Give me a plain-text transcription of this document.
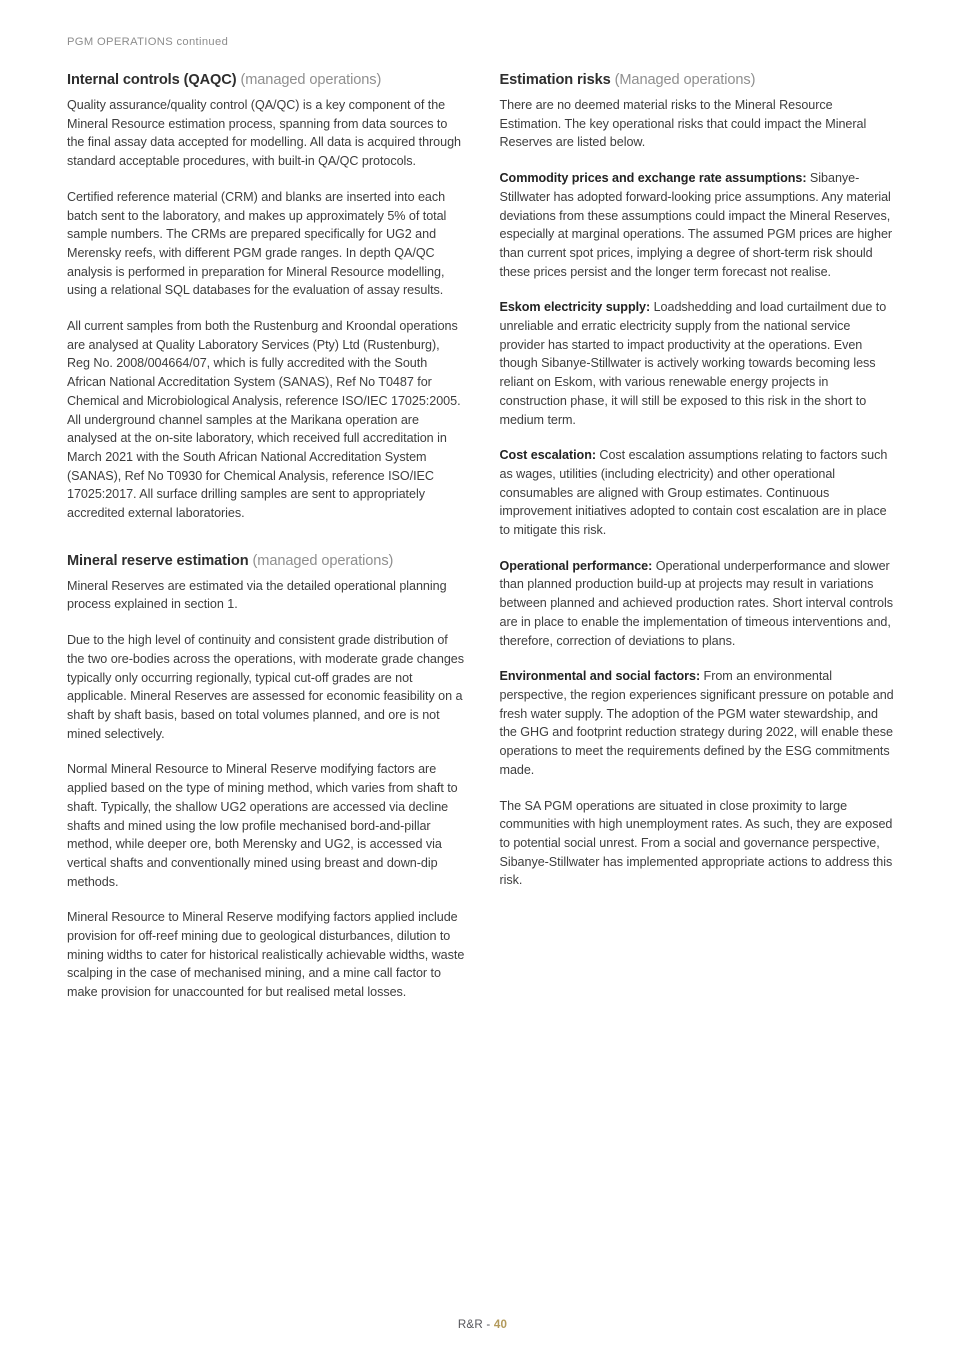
PGM OPERATIONS continued
Internal controls (QAQC) (managed operations)

Quality assurance/quality control (QA/QC) is a key component of the Mineral Resource estimation process, spanning from data sources to the final assay data accepted for modelling. All data is acquired through standard acceptable procedures, with built-in QA/QC protocols.

Certified reference material (CRM) and blanks are inserted into each batch sent to the laboratory, and makes up approximately 5% of total sample numbers. The CRMs are prepared specifically for UG2 and Merensky reefs, with different PGM grade ranges. In depth QA/QC analysis is performed in preparation for Mineral Resource modelling, using a relational SQL databases for the evaluation of assay results.

All current samples from both the Rustenburg and Kroondal operations are analysed at Quality Laboratory Services (Pty) Ltd (Rustenburg), Reg No. 2008/004664/07, which is fully accredited with the South African National Accreditation System (SANAS), Ref No T0487 for Chemical and Microbiological Analysis, reference ISO/IEC 17025:2005. All underground channel samples at the Marikana operation are analysed at the on-site laboratory, which received full accreditation in March 2021 with the South African National Accreditation System (SANAS), Ref No T0930 for Chemical Analysis, reference ISO/IEC 17025:2017. All surface drilling samples are sent to appropriately accredited external laboratories.

Mineral reserve estimation (managed operations)

Mineral Reserves are estimated via the detailed operational planning process explained in section 1.

Due to the high level of continuity and consistent grade distribution of the two ore-bodies across the operations, with moderate grade changes typically only occurring regionally, typical cut-off grades are not applicable. Mineral Reserves are assessed for economic feasibility on a shaft by shaft basis, based on total volumes planned, and ore is not mined selectively.

Normal Mineral Resource to Mineral Reserve modifying factors are applied based on the type of mining method, which varies from shaft to shaft. Typically, the shallow UG2 operations are accessed via decline shafts and mined using the low profile mechanised bord-and-pillar method, while deeper ore, both Merensky and UG2, is accessed via vertical shafts and conventionally mined using breast and down-dip methods.

Mineral Resource to Mineral Reserve modifying factors applied include provision for off-reef mining due to geological disturbances, dilution to mining widths to cater for historical realistically achievable widths, waste scalping in the case of mechanised mining, and a mine call factor to make provision for unaccounted for but realised metal losses.

Estimation risks (Managed operations)

There are no deemed material risks to the Mineral Resource Estimation. The key operational risks that could impact the Mineral Reserves are listed below.

Commodity prices and exchange rate assumptions: Sibanye-Stillwater has adopted forward-looking price assumptions. Any material deviations from these assumptions could impact the Mineral Reserves, especially at marginal operations. The assumed PGM prices are higher than current spot prices, implying a degree of short-term risk should these prices persist and the longer term forecast not realise.

Eskom electricity supply: Loadshedding and load curtailment due to unreliable and erratic electricity supply from the national service provider has started to impact productivity at the operations. Even though Sibanye-Stillwater is actively working towards becoming less reliant on Eskom, with various renewable energy projects in construction phase, it will still be exposed to this risk in the short to medium term.

Cost escalation: Cost escalation assumptions relating to factors such as wages, utilities (including electricity) and other operational consumables are aligned with Group estimates. Continuous improvement initiatives adopted to contain cost escalation are in place to mitigate this risk.

Operational performance: Operational underperformance and slower than planned production build-up at projects may result in variations between planned and achieved production rates. Short interval controls are in place to enable the implementation of timeous interventions and, therefore, correction of deviations to plans.

Environmental and social factors: From an environmental perspective, the region experiences significant pressure on potable and fresh water supply. The adoption of the PGM water stewardship, and the GHG and footprint reduction strategy during 2022, will enable these operations to meet the requirements defined by the ESG commitments made.

The SA PGM operations are situated in close proximity to large communities with high unemployment rates. As such, they are exposed to potential social unrest. From a social and governance perspective, Sibanye-Stillwater has implemented appropriate actions to address this risk.

R&R - 40
